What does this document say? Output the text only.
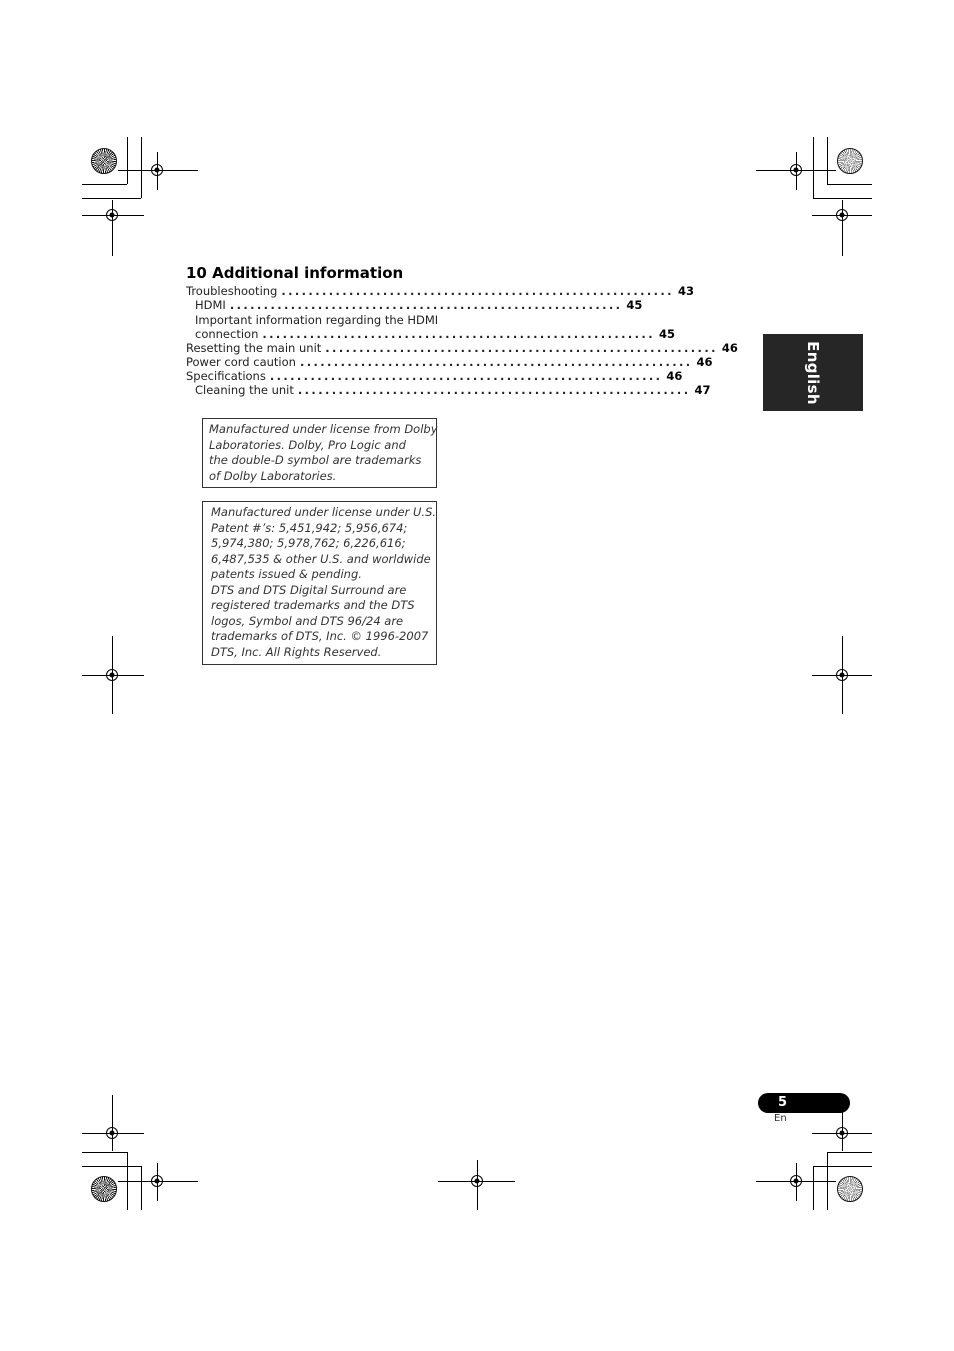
10 Additional information
Troubleshooting .......................................................... 43
HDMI .......................................................... 45
Important information regarding the HDMI
connection .......................................................... 45
Resetting the main unit .......................................................... 46
Power cord caution .......................................................... 46
Specifications .......................................................... 46
Cleaning the unit .......................................................... 47
Manufactured under license from Dolby
Laboratories. Dolby, Pro Logic and
the double-D symbol are trademarks
of Dolby Laboratories.
Manufactured under license under U.S.
Patent #’s: 5,451,942; 5,956,674;
5,974,380; 5,978,762; 6,226,616;
6,487,535 & other U.S. and worldwide
patents issued & pending.
DTS and DTS Digital Surround are
registered trademarks and the DTS
logos, Symbol and DTS 96/24 are
trademarks of DTS, Inc. © 1996-2007
DTS, Inc. All Rights Reserved.
English
5
En
